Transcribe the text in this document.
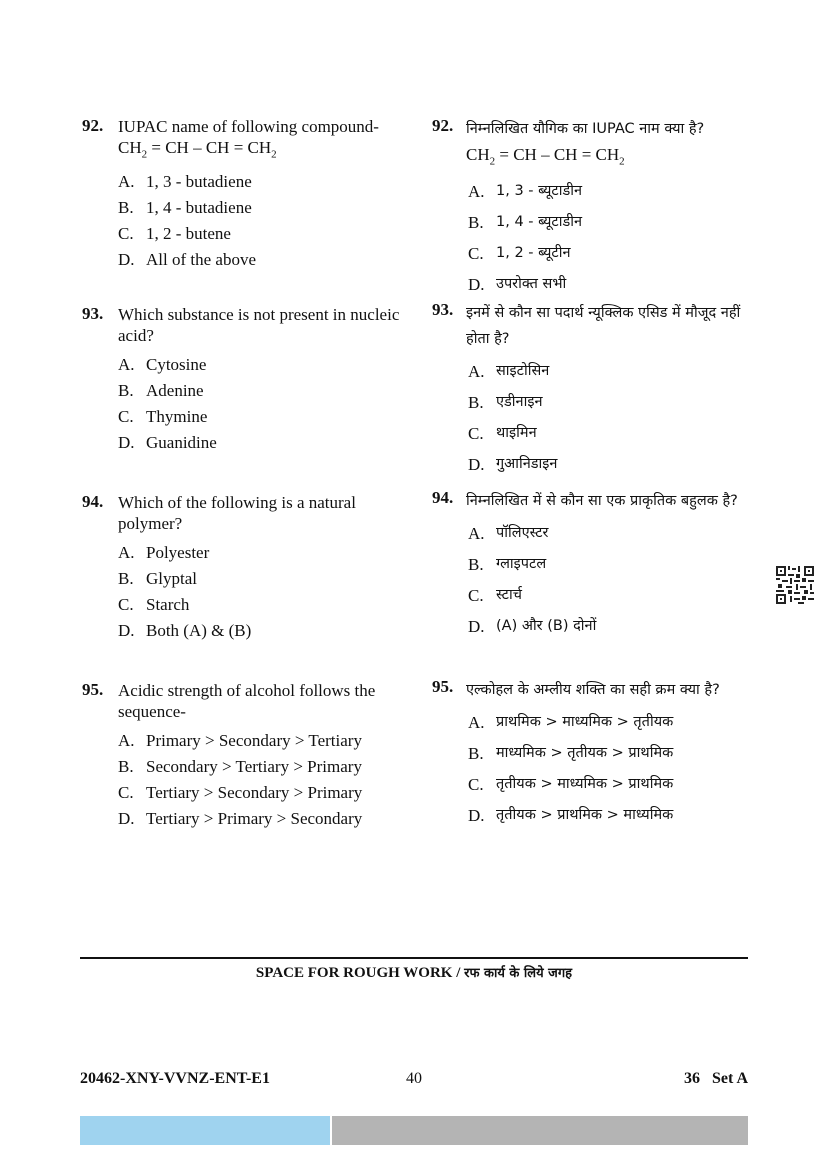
92. IUPAC name of following compound-
$CH_2$ = CH – CH = $CH_2$
A. 1, 3 - butadiene
B. 1, 4 - butadiene
C. 1, 2 - butene
D. All of the above
93. Which substance is not present in nucleic acid?
A. Cytosine
B. Adenine
C. Thymine
D. Guanidine
94. Which of the following is a natural polymer?
A. Polyester
B. Glyptal
C. Starch
D. Both (A) & (B)
95. Acidic strength of alcohol follows the sequence-
A. Primary > Secondary > Tertiary
B. Secondary > Tertiary > Primary
C. Tertiary > Secondary > Primary
D. Tertiary > Primary > Secondary
92. निम्नलिखित यौगिक का IUPAC नाम क्या है?
$CH_2$ = CH – CH = $CH_2$
A. 1, 3 - ब्यूटाडीन
B. 1, 4 - ब्यूटाडीन
C. 1, 2 - ब्यूटीन
D. उपरोक्त सभी
93. इनमें से कौन सा पदार्थ न्यूक्लिक एसिड में मौजूद नहीं होता है?
A. साइटोसिन
B. एडीनाइन
C. थाइमिन
D. गुआनिडाइन
94. निम्नलिखित में से कौन सा एक प्राकृतिक बहुलक है?
A. पॉलिएस्टर
B. ग्लाइपटल
C. स्टार्च
D. (A) और (B) दोनों
95. एल्कोहल के अम्लीय शक्ति का सही क्रम क्या है?
A. प्राथमिक > माध्यमिक > तृतीयक
B. माध्यमिक > तृतीयक > प्राथमिक
C. तृतीयक > माध्यमिक > प्राथमिक
D. तृतीयक > प्राथमिक > माध्यमिक
SPACE FOR ROUGH WORK / रफ कार्य के लिये जगह
20462-XNY-VVNZ-ENT-E1	40	36 Set A
